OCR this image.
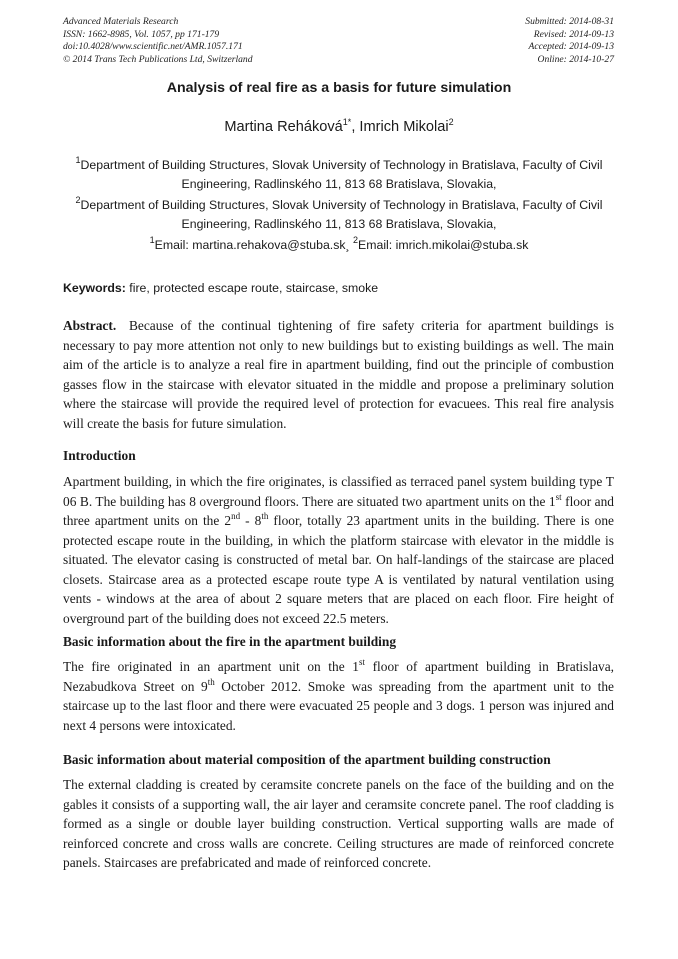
Advanced Materials Research
ISSN: 1662-8985, Vol. 1057, pp 171-179
doi:10.4028/www.scientific.net/AMR.1057.171
© 2014 Trans Tech Publications Ltd, Switzerland
Submitted: 2014-08-31
Revised: 2014-09-13
Accepted: 2014-09-13
Online: 2014-10-27
Analysis of real fire as a basis for future simulation
Martina Reháková$^{1*}$, Imrich Mikolai$^2$
$^1$Department of Building Structures, Slovak University of Technology in Bratislava, Faculty of Civil Engineering, Radlinského 11, 813 68 Bratislava, Slovakia,
$^2$Department of Building Structures, Slovak University of Technology in Bratislava, Faculty of Civil Engineering, Radlinského 11, 813 68 Bratislava, Slovakia,
$^1$Email: martina.rehakova@stuba.sk¸ $^2$Email: imrich.mikolai@stuba.sk
Keywords: fire, protected escape route, staircase, smoke

Abstract. Because of the continual tightening of fire safety criteria for apartment buildings is necessary to pay more attention not only to new buildings but to existing buildings as well. The main aim of the article is to analyze a real fire in apartment building, find out the principle of combustion gasses flow in the staircase with elevator situated in the middle and propose a preliminary solution where the staircase will provide the required level of protection for evacuees. This real fire analysis will create the basis for future simulation.

Introduction

Apartment building, in which the fire originates, is classified as terraced panel system building type T 06 B. The building has 8 overground floors. There are situated two apartment units on the 1st floor and three apartment units on the 2nd - 8th floor, totally 23 apartment units in the building. There is one protected escape route in the building, in which the platform staircase with elevator in the middle is situated. The elevator casing is constructed of metal bar. On half-landings of the staircase are placed closets. Staircase area as a protected escape route type A is ventilated by natural ventilation using vents - windows at the area of about 2 square meters that are placed on each floor. Fire height of overground part of the building does not exceed 22.5 meters.

Basic information about the fire in the apartment building

The fire originated in an apartment unit on the 1st floor of apartment building in Bratislava, Nezabudkova Street on 9th October 2012. Smoke was spreading from the apartment unit to the staircase up to the last floor and there were evacuated 25 people and 3 dogs. 1 person was injured and next 4 persons were intoxicated.

Basic information about material composition of the apartment building construction

The external cladding is created by ceramsite concrete panels on the face of the building and on the gables it consists of a supporting wall, the air layer and ceramsite concrete panel. The roof cladding is formed as a single or double layer building construction. Vertical supporting walls are made of reinforced concrete and cross walls are concrete. Ceiling structures are made of reinforced concrete panels. Staircases are prefabricated and made of reinforced concrete.
